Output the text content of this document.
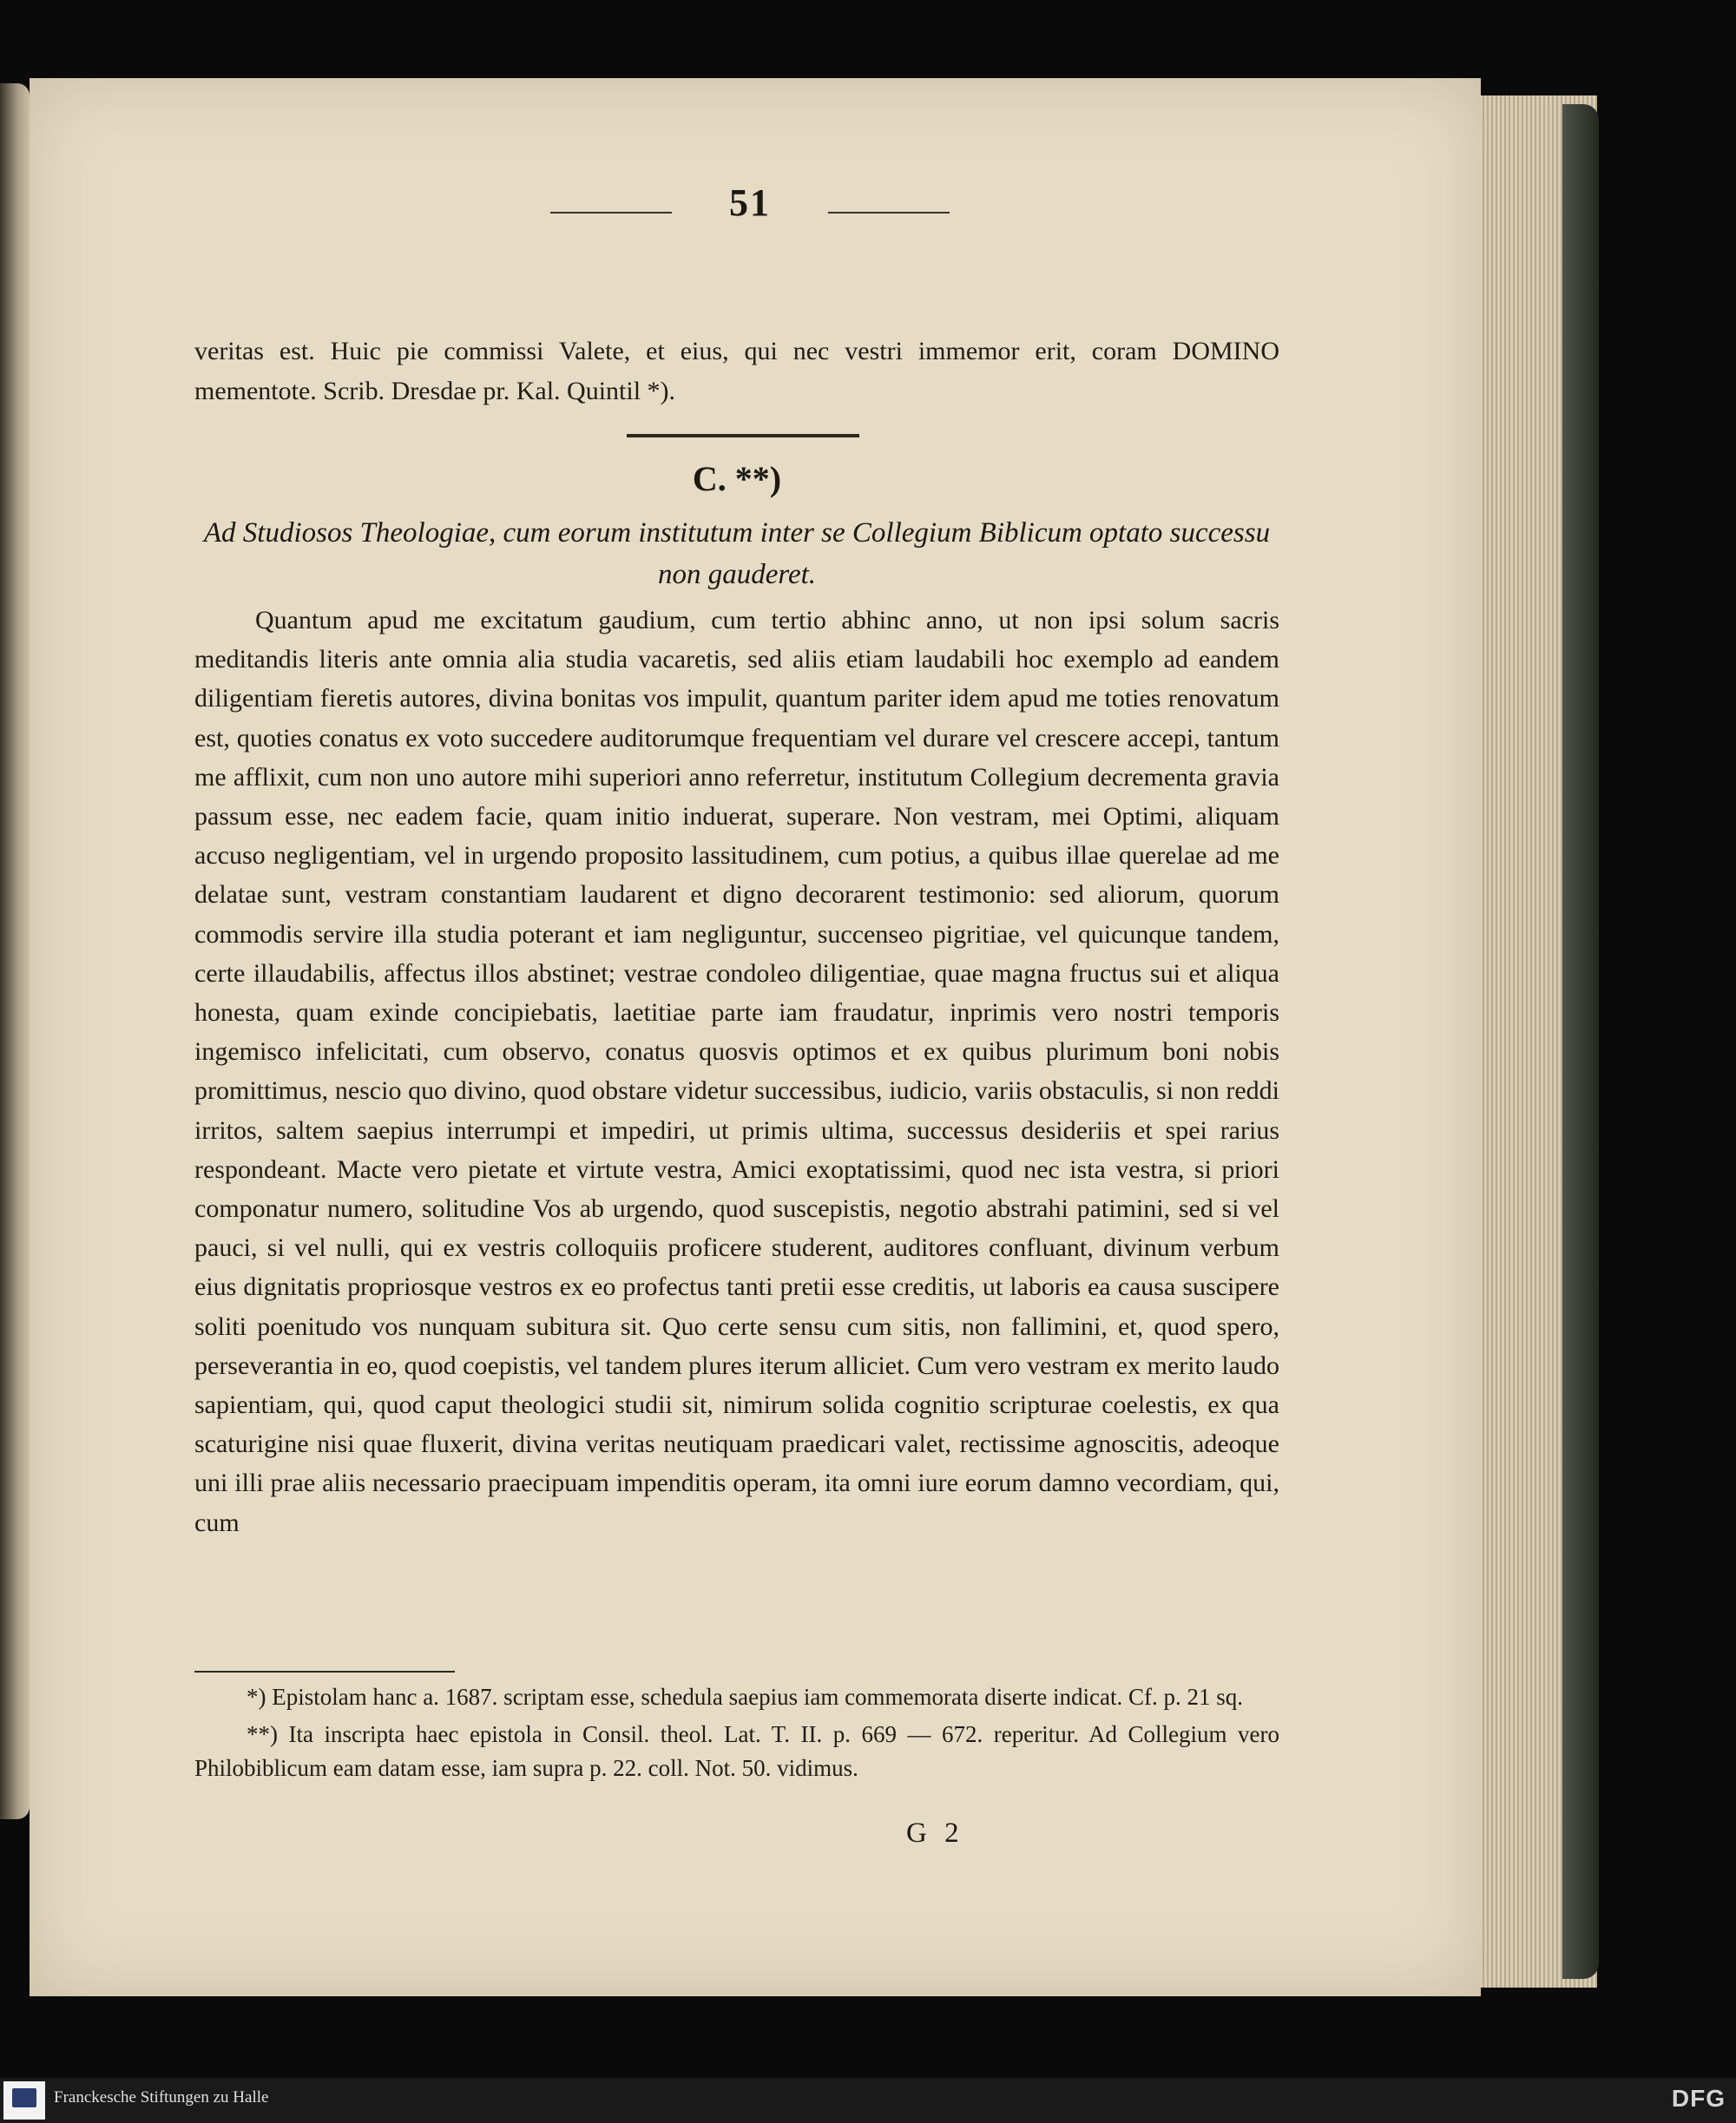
51

veritas est. Huic pie commissi Valete, et eius, qui nec vestri immemor erit, coram DOMINO mementote. Scrib. Dresdae pr. Kal. Quintil *).

C. **)
Ad Studiosos Theologiae, cum eorum institutum inter se Collegium Biblicum optato successu non gauderet.
Quantum apud me excitatum gaudium, cum tertio abhinc anno, ut non ipsi solum sacris meditandis literis ante omnia alia studia vacaretis, sed aliis etiam laudabili hoc exemplo ad eandem diligentiam fieretis autores, divina bonitas vos impulit, quantum pariter idem apud me toties renovatum est, quoties conatus ex voto succedere auditorumque frequentiam vel durare vel crescere accepi, tantum me afflixit, cum non uno autore mihi superiori anno referretur, institutum Collegium decrementa gravia passum esse, nec eadem facie, quam initio induerat, superare. Non vestram, mei Optimi, aliquam accuso negligentiam, vel in urgendo proposito lassitudinem, cum potius, a quibus illae querelae ad me delatae sunt, vestram constantiam laudarent et digno decorarent testimonio: sed aliorum, quorum commodis servire illa studia poterant et iam negliguntur, succenseo pigritiae, vel quicunque tandem, certe illaudabilis, affectus illos abstinet; vestrae condoleo diligentiae, quae magna fructus sui et aliqua honesta, quam exinde concipiebatis, laetitiae parte iam fraudatur, inprimis vero nostri temporis ingemisco infelicitati, cum observo, conatus quosvis optimos et ex quibus plurimum boni nobis promittimus, nescio quo divino, quod obstare videtur successibus, iudicio, variis obstaculis, si non reddi irritos, saltem saepius interrumpi et impediri, ut primis ultima, successus desideriis et spei rarius respondeant. Macte vero pietate et virtute vestra, Amici exoptatissimi, quod nec ista vestra, si priori componatur numero, solitudine Vos ab urgendo, quod suscepistis, negotio abstrahi patimini, sed si vel pauci, si vel nulli, qui ex vestris colloquiis proficere studerent, auditores confluant, divinum verbum eius dignitatis propriosque vestros ex eo profectus tanti pretii esse creditis, ut laboris ea causa suscipere soliti poenitudo vos nunquam subitura sit. Quo certe sensu cum sitis, non fallimini, et, quod spero, perseverantia in eo, quod coepistis, vel tandem plures iterum alliciet. Cum vero vestram ex merito laudo sapientiam, qui, quod caput theologici studii sit, nimirum solida cognitio scripturae coelestis, ex qua scaturigine nisi quae fluxerit, divina veritas neutiquam praedicari valet, rectissime agnoscitis, adeoque uni illi prae aliis necessario praecipuam impenditis operam, ita omni iure eorum damno vecordiam, qui, cum

*) Epistolam hanc a. 1687. scriptam esse, schedula saepius iam commemorata diserte indicat. Cf. p. 21 sq.

**) Ita inscripta haec epistola in Consil. theol. Lat. T. II. p. 669 — 672. reperitur. Ad Collegium vero Philobiblicum eam datam esse, iam supra p. 22. coll. Not. 50. vidimus.

G 2
Franckesche Stiftungen zu Halle	DFG
